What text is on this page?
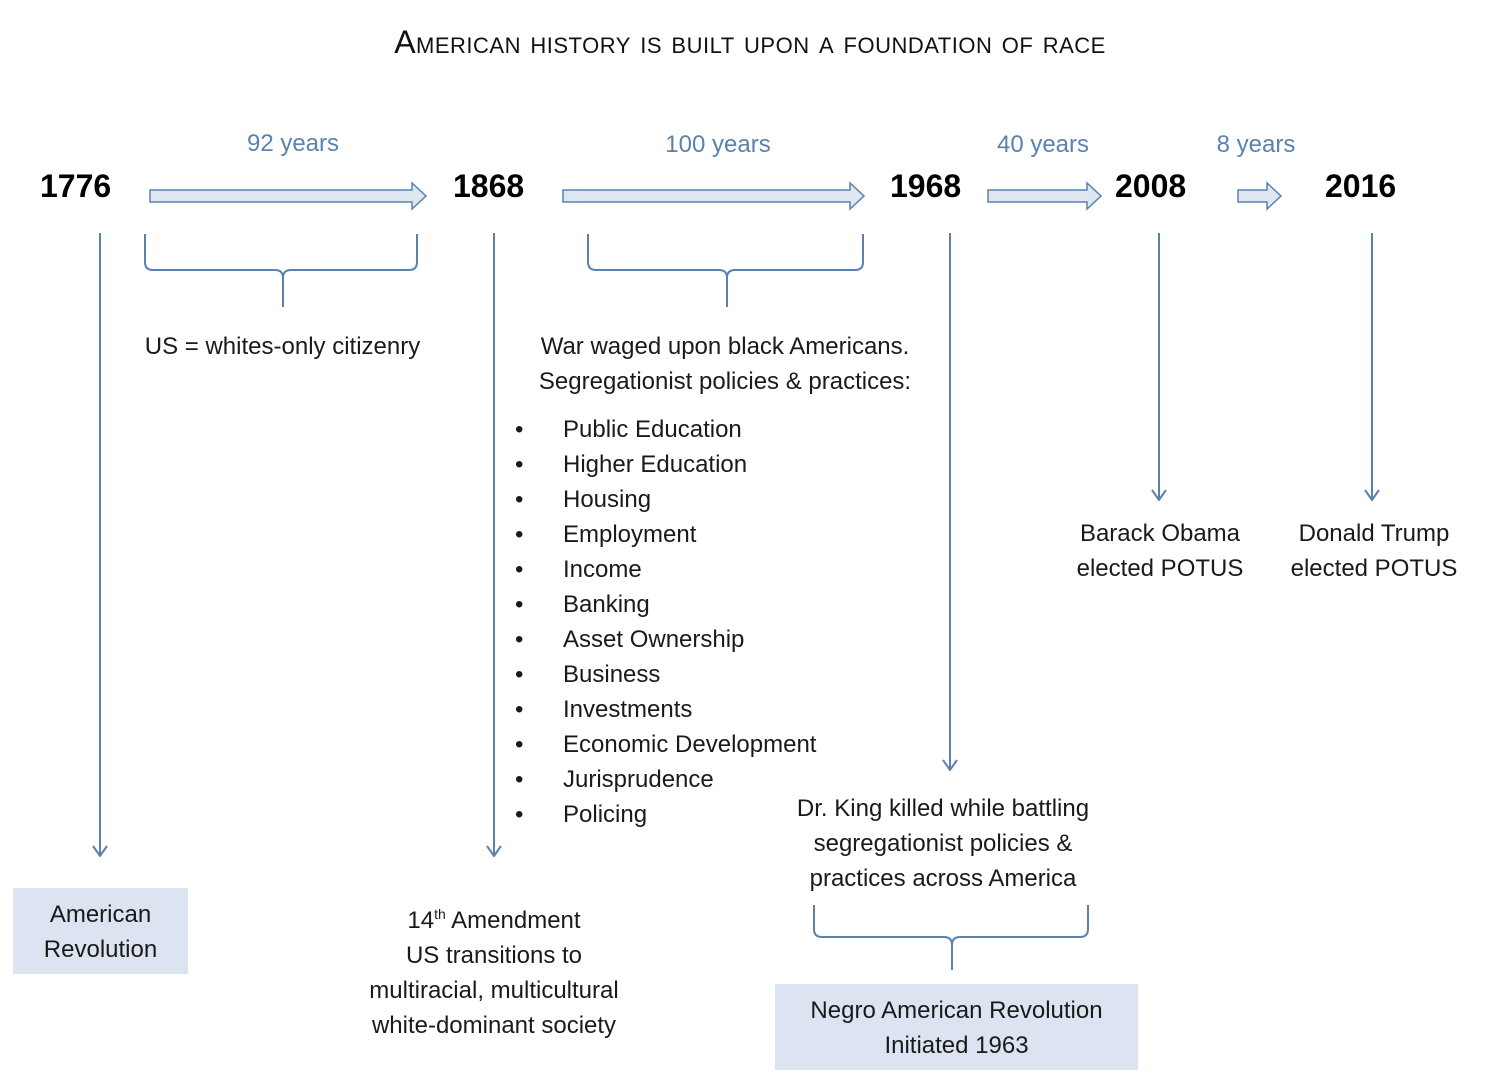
American history is built upon a foundation of race
1776	1868	1968	2008	2016
92 years	100 years	40 years	8 years
US = whites-only citizenry	War waged upon black Americans.
Segregationist policies & practices:
• Public Education
• Higher Education
• Housing
• Employment
• Income
• Banking
• Asset Ownership
• Business
• Investments
• Economic Development
• Jurisprudence
• Policing
American
Revolution
14th Amendment
US transitions to
multiracial, multicultural
white-dominant society
Dr. King killed while battling
segregationist policies &
practices across America
Negro American Revolution
Initiated 1963
Barack Obama
elected POTUS
Donald Trump
elected POTUS
